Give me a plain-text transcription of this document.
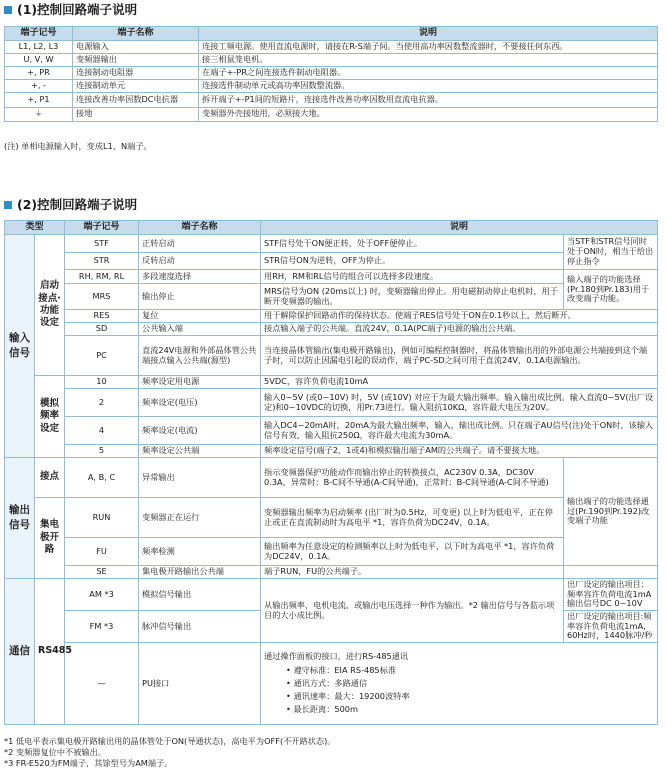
(1)控制回路端子说明
端子记号	端子名称	说明
L1, L2, L3	电源输入	连接工频电源。使用直流电源时，请接在R-S端子间。当使用高功率因数整流器时，不要接任何东西。
U, V, W	变频器输出	接三相鼠笼电机。
+, PR	连接制动电阻器	在端子+-PR之间连接选件制动电阻器。
+, -	连接制动单元	连接选件制动单元或高功率因数整流器。
+, P1	连接改善功率因数DC电抗器	拆开端子+-P1间的短路片，连接选件改善功率因数用直流电抗器。
⏚	接地	变频器外壳接地用，必须接大地。
(注) 单相电源输入时，变成L1、N端子。
(2)控制回路端子说明
类型		端子记号	端子名称	说明	
输入信号	启动接点·功能设定	STF	正转启动	STF信号处于ON便正转，处于OFF便停止。	当STF和STR信号同时处于ON时，相当于给出停止指令
		STR	反转启动	STR信号ON为逆转，OFF为停止。	
		RH, RM, RL	多段速度选择	用RH，RM和RL信号的组合可以选择多段速度。	输入端子的功能选择(Pr.180到Pr.183)用于改变端子功能。
		MRS	输出停止	MRS信号为ON (20ms以上) 时，变频器输出停止。用电磁制动停止电机时，用于断开变频器的输出。	
		RES	复位	用于解除保护回路动作的保持状态。使端子RES信号处于ON在0.1秒以上，然后断开。	
		SD	公共输入端	接点输入端子的公共端。直流24V，0.1A(PC端子)电源的输出公共端。	
		PC	直流24V电源和外部晶体管公共端接点输入公共端(源型)	当连接晶体管输出(集电极开路输出)，例如可编程控制器时，将晶体管输出用的外部电源公共端接到这个端子时，可以防止因漏电引起的误动作，端子PC-SD之间可用于直流24V，0.1A电源输出。	
	模拟频率设定	10	频率设定用电源	5VDC，容许负荷电流10mA	
		2	频率设定(电压)	输入0~5V (或0~10V) 时，5V (或10V) 对应于为最大输出频率。输入输出成比例。输入直流0~5V(出厂设定)和0~10VDC的切换，用Pr.73进行。输入阻抗10KΩ，容许最大电压为20V。	
		4	频率设定(电流)	输入DC4~20mA时，20mA为最大输出频率，输入，输出成比例。只在端子AU信号(注)处于ON时，该输入信号有效，输入阻抗250Ω，容许最大电流为30mA。	
		5	频率设定公共端	频率设定信号(端子2，1或4)和模拟输出端子AM的公共端子。请不要接大地。	
输出信号	接点	A, B, C	异常输出	指示变频器保护功能动作而输出停止的转换接点，AC230V 0.3A，DC30V 0.3A，异常时：B-C间不导通(A-C间导通)，正常时：B-C间导通(A-C间不导通)	输出端子的功能选择通过(Pr.190到Pr.192)改变端子功能
	集电极开路	RUN	变频器正在运行	变频器输出频率为启动频率 (出厂时为0.5Hz，可变更) 以上时为低电平，正在停止或正在直流制动时为高电平 *1，容许负荷为DC24V，0.1A。	
		FU	频率检测	输出频率为任意设定的检测频率以上时为低电平，以下时为高电平 *1，容许负荷为DC24V，0.1A。	
		SE	集电极开路输出公共端	端子RUN，FU的公共端子。	
通信	RS485	AM *3	模拟信号输出	从输出频率，电机电流，或输出电压选择一种作为输出。*2 输出信号与各监示项目的大小成比例。	出厂设定的输出项目：频率容许负荷电流1mA 输出信号DC 0~10V
		FM *3	脉冲信号输出		出厂设定的输出项目:频率容许负荷电流1mA, 60Hz时，1440脉冲/秒
		—	PU接口	通过操作面板的接口，进行RS-485通讯
• 遵守标准：EIA RS-485标准
• 通讯方式：多路通信
• 通讯速率：最大：19200波特率
• 最长距离：500m	
*1 低电平表示集电极开路输出用的晶体管处于ON(导通状态)，高电平为OFF(不开路状态)。
*2 变频器复位中不被输出。
*3 FR-E520为FM端子，其馀型号为AM端子。
